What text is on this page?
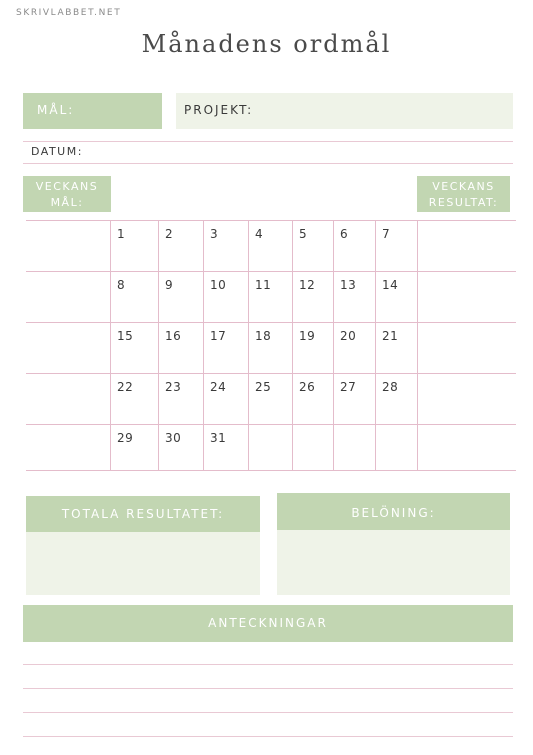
SKRIVLABBET.NET
Månadens ordmål
MÅL:	PROJEKT:
DATUM:
VECKANS
MÅL:
VECKANS
RESULTAT:
1	2	3	4	5	6	7
8	9	10	11	12	13	14
15	16	17	18	19	20	21
22	23	24	25	26	27	28
29	30	31
TOTALA RESULTATET:	BELÖNING:
ANTECKNINGAR
